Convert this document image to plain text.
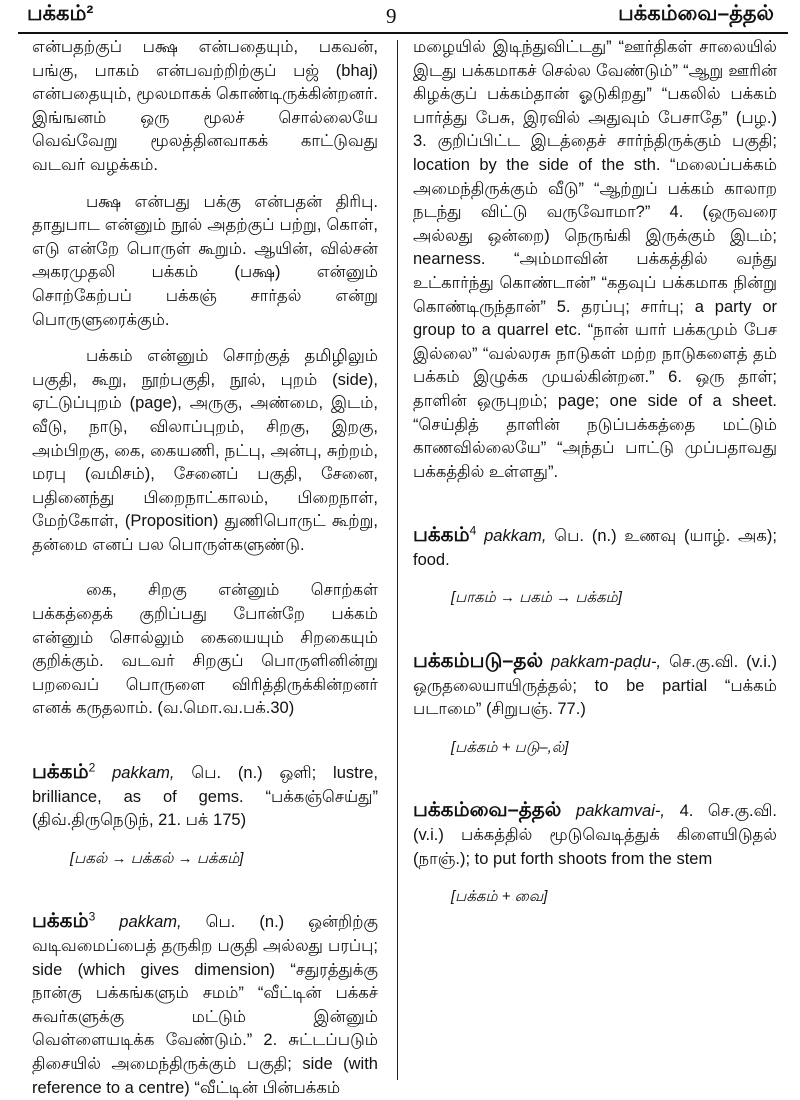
பக்கம்²	9	பக்கம்வை–த்தல்

என்பதற்குப் பக்ஷ என்பதையும், பகவன், பங்கு, பாகம் என்பவற்றிற்குப் பஜ் (bhaj) என்பதையும், மூலமாகக் கொண்டிருக்கின்றனர். இங்ஙனம் ஒரு மூலச் சொல்லையே வெவ்வேறு மூலத்தினவாகக் காட்டுவது வடவர் வழக்கம்.

பக்ஷ என்பது பக்கு என்பதன் திரிபு. தாதுபாட என்னும் நூல் அதற்குப் பற்று, கொள், எடு என்றே பொருள் கூறும். ஆயின், வில்சன் அகரமுதலி பக்கம் (பக்ஷ) என்னும் சொற்கேற்பப் பக்கஞ் சார்தல் என்று பொருளுரைக்கும்.

பக்கம் என்னும் சொற்குத் தமிழிலும் பகுதி, கூறு, நூற்பகுதி, நூல், புறம் (side), ஏட்டுப்புறம் (page), அருகு, அண்மை, இடம், வீடு, நாடு, விலாப்புறம், சிறகு, இறகு, அம்பிறகு, கை, கையணி, நட்பு, அன்பு, சுற்றம், மரபு (வமிசம்), சேனைப் பகுதி, சேனை, பதினைந்து பிறைநாட்காலம், பிறைநாள், மேற்கோள், (Proposition) துணிபொருட் கூற்று, தன்மை எனப் பல பொருள்களுண்டு.

கை, சிறகு என்னும் சொற்கள் பக்கத்தைக் குறிப்பது போன்றே பக்கம் என்னும் சொல்லும் கையையும் சிறகையும் குறிக்கும். வடவர் சிறகுப் பொருளினின்று பறவைப் பொருளை விரித்திருக்கின்றனர் எனக் கருதலாம். (வ.மொ.வ.பக்.30)

பக்கம்$^2$ pakkam, பெ. (n.) ஒளி; lustre, brilliance, as of gems. “பக்கஞ்செய்து” (திவ்.திருநெடுந், 21. பக் 175)

[பகல் → பக்கல் → பக்கம்]

பக்கம்$^3$ pakkam, பெ. (n.) ஒன்றிற்கு வடிவமைப்பைத் தருகிற பகுதி அல்லது பரப்பு; side (which gives dimension) “சதுரத்துக்கு நான்கு பக்கங்களும் சமம்” “வீட்டின் பக்கச் சுவர்களுக்கு மட்டும் இன்னும் வெள்ளையடிக்க வேண்டும்.” 2. சுட்டப்படும் திசையில் அமைந்திருக்கும் பகுதி; side (with reference to a centre) “வீட்டின் பின்பக்கம்

மழையில் இடிந்துவிட்டது” “ஊர்திகள் சாலையில் இடது பக்கமாகச் செல்ல வேண்டும்” “ஆறு ஊரின் கிழக்குப் பக்கம்தான் ஓடுகிறது” “பகலில் பக்கம் பார்த்து பேசு, இரவில் அதுவும் பேசாதே” (பழ.) 3. குறிப்பிட்ட இடத்தைச் சார்ந்திருக்கும் பகுதி; location by the side of the sth. “மலைப்பக்கம் அமைந்திருக்கும் வீடு” “ஆற்றுப் பக்கம் காலாற நடந்து விட்டு வருவோமா?” 4. (ஒருவரை அல்லது ஒன்றை) நெருங்கி இருக்கும் இடம்; nearness. “அம்மாவின் பக்கத்தில் வந்து உட்கார்ந்து கொண்டான்” “கதவுப் பக்கமாக நின்று கொண்டிருந்தான்” 5. தரப்பு; சார்பு; a party or group to a quarrel etc. “நான் யார் பக்கமும் பேச இல்லை” “வல்லரசு நாடுகள் மற்ற நாடுகளைத் தம் பக்கம் இழுக்க முயல்கின்றன.” 6. ஒரு தாள்; தாளின் ஒருபுறம்; page; one side of a sheet. “செய்தித் தாளின் நடுப்பக்கத்தை மட்டும் காணவில்லையே” “அந்தப் பாட்டு முப்பதாவது பக்கத்தில் உள்ளது”.

பக்கம்$^4$ pakkam, பெ. (n.) உணவு (யாழ். அக); food.

[பாகம் → பகம் → பக்கம்]

பக்கம்படு–தல் pakkam-paḍu-, செ.கு.வி. (v.i.) ஒருதலையாயிருத்தல்; to be partial “பக்கம் படாமை” (சிறுபஞ். 77.)

[பக்கம் + படு–,ல்]

பக்கம்வை–த்தல் pakkamvai-, 4. செ.கு.வி. (v.i.) பக்கத்தில் மூடுவெடித்துக் கிளையிடுதல் (நாஞ்.); to put forth shoots from the stem

[பக்கம் + வை]
